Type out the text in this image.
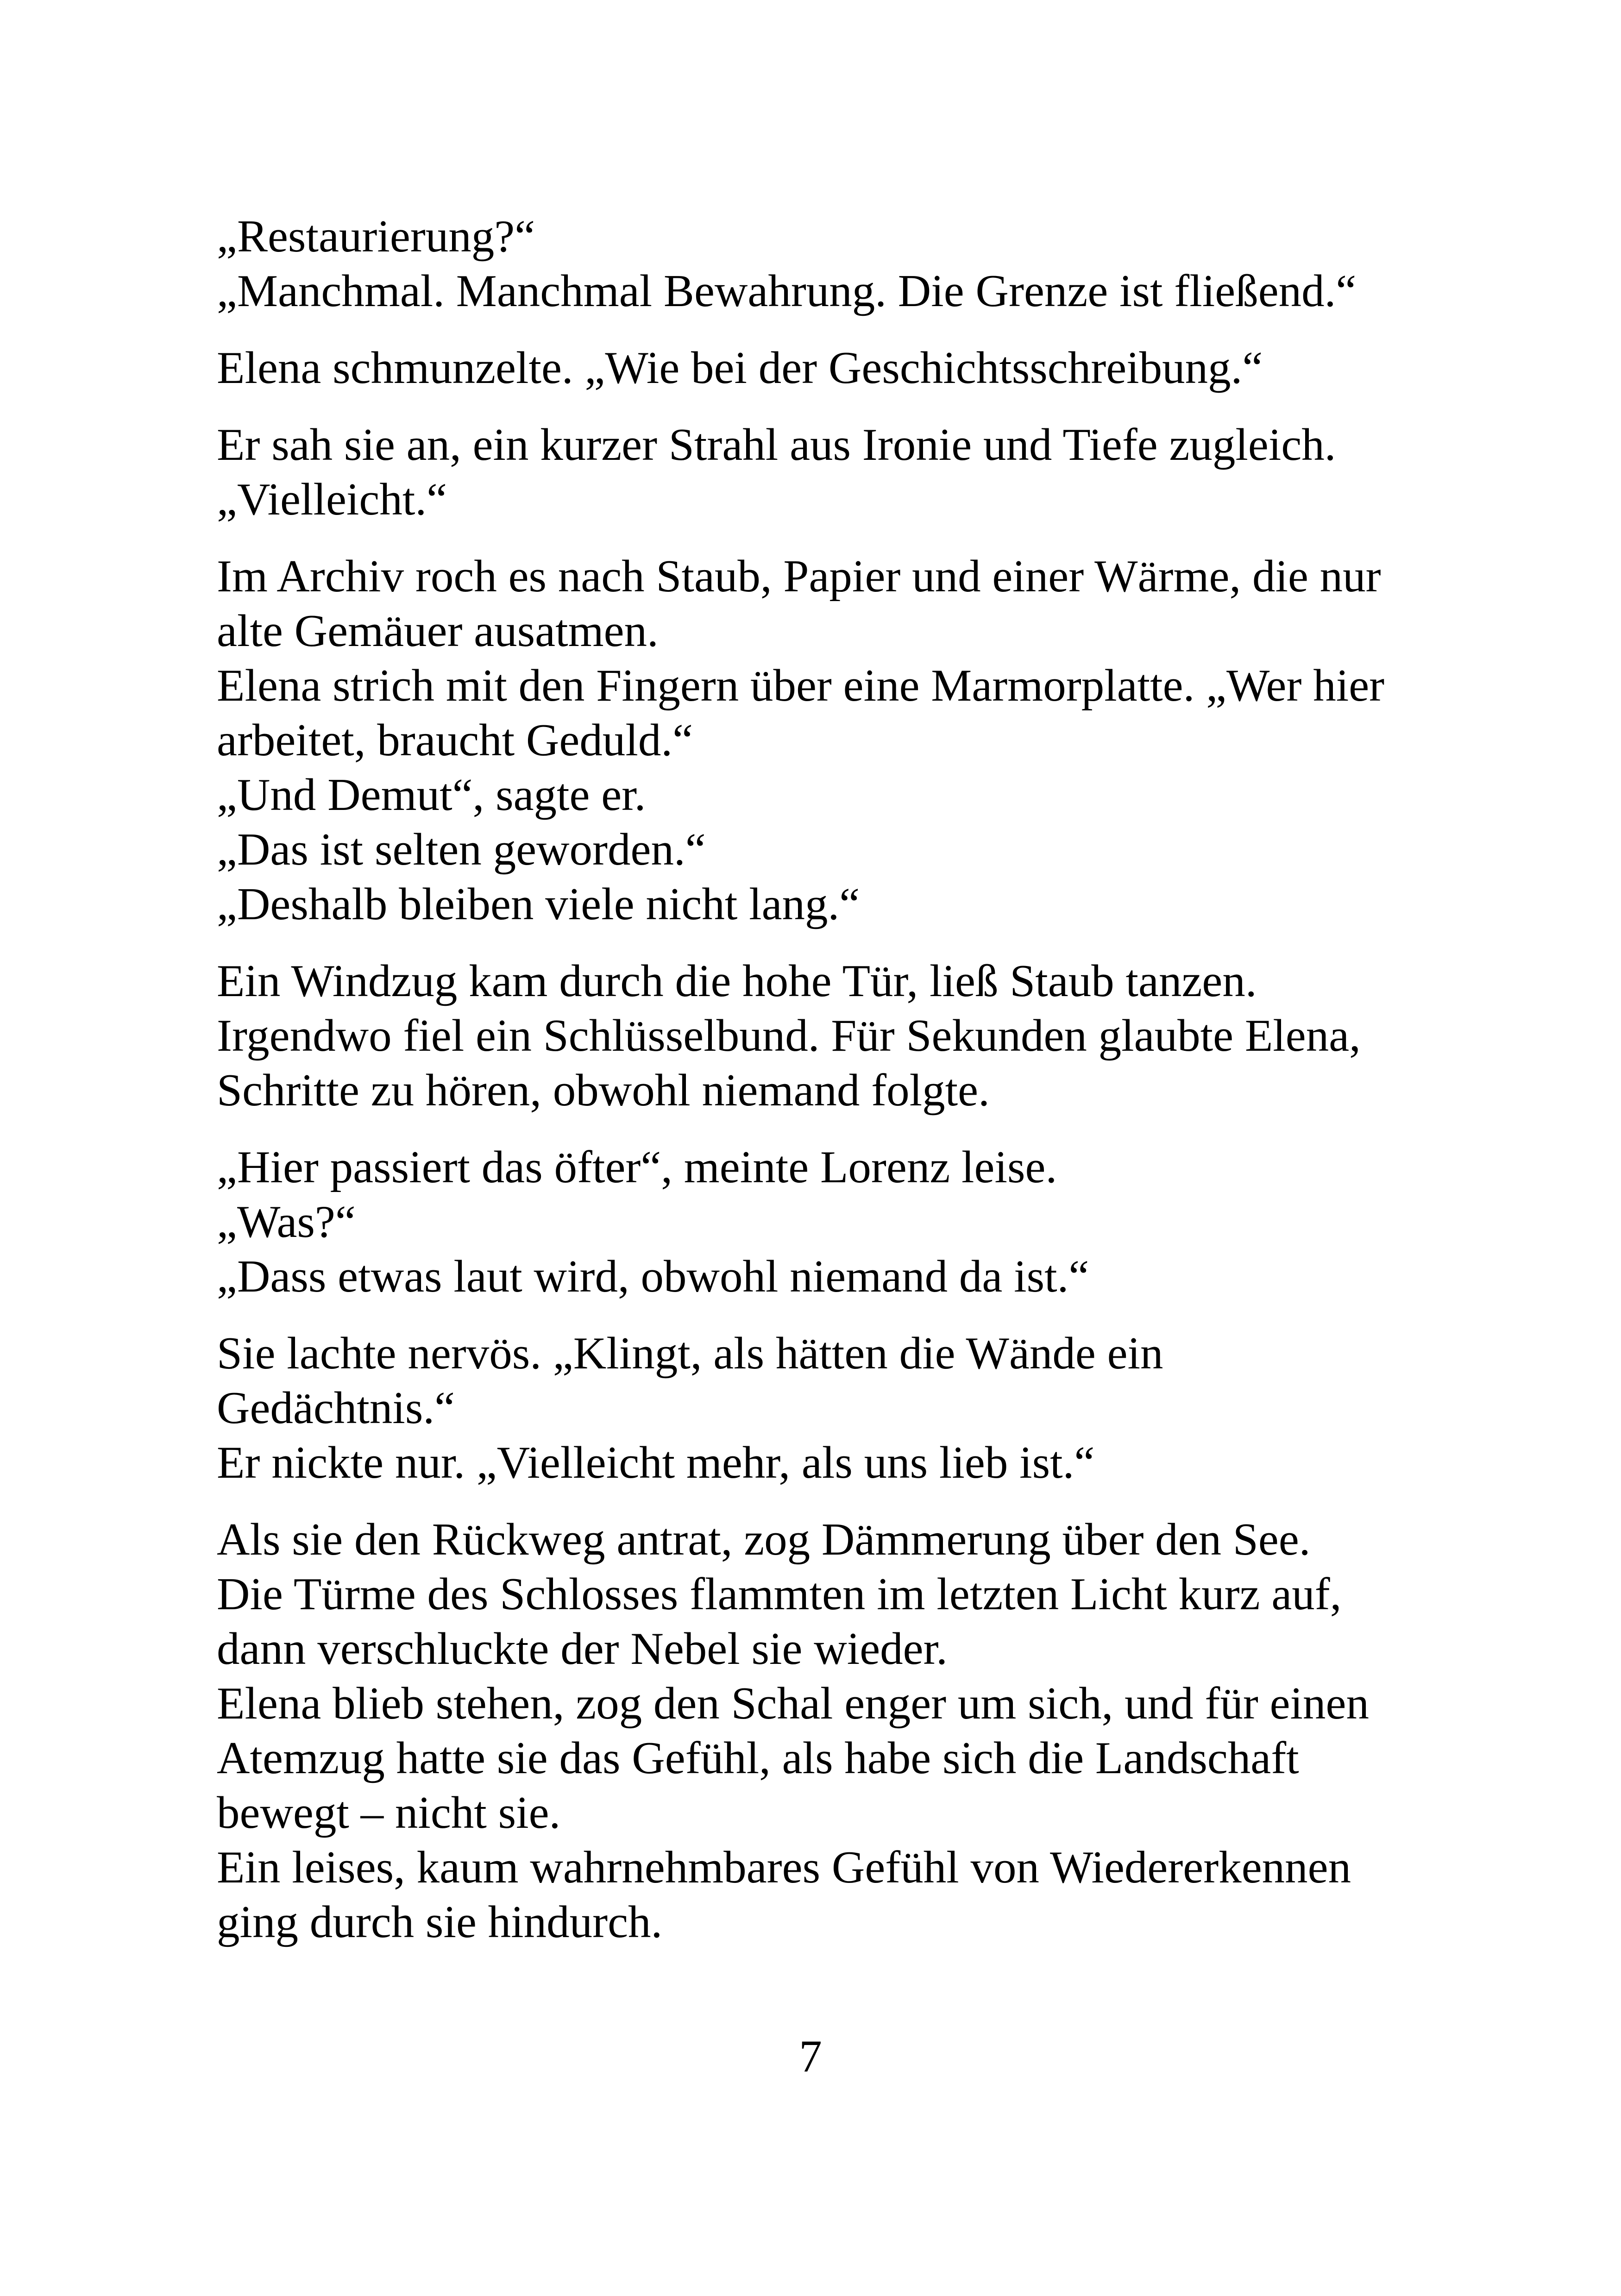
„Restaurierung?“
„Manchmal. Manchmal Bewahrung. Die Grenze ist fließend.“

Elena schmunzelte. „Wie bei der Geschichtsschreibung.“

Er sah sie an, ein kurzer Strahl aus Ironie und Tiefe zugleich.
„Vielleicht.“

Im Archiv roch es nach Staub, Papier und einer Wärme, die nur
alte Gemäuer ausatmen.
Elena strich mit den Fingern über eine Marmorplatte. „Wer hier
arbeitet, braucht Geduld.“
„Und Demut“, sagte er.
„Das ist selten geworden.“
„Deshalb bleiben viele nicht lang.“

Ein Windzug kam durch die hohe Tür, ließ Staub tanzen.
Irgendwo fiel ein Schlüsselbund. Für Sekunden glaubte Elena,
Schritte zu hören, obwohl niemand folgte.

„Hier passiert das öfter“, meinte Lorenz leise.
„Was?“
„Dass etwas laut wird, obwohl niemand da ist.“

Sie lachte nervös. „Klingt, als hätten die Wände ein
Gedächtnis.“
Er nickte nur. „Vielleicht mehr, als uns lieb ist.“

Als sie den Rückweg antrat, zog Dämmerung über den See.
Die Türme des Schlosses flammten im letzten Licht kurz auf,
dann verschluckte der Nebel sie wieder.
Elena blieb stehen, zog den Schal enger um sich, und für einen
Atemzug hatte sie das Gefühl, als habe sich die Landschaft
bewegt – nicht sie.
Ein leises, kaum wahrnehmbares Gefühl von Wiedererkennen
ging durch sie hindurch.

7
